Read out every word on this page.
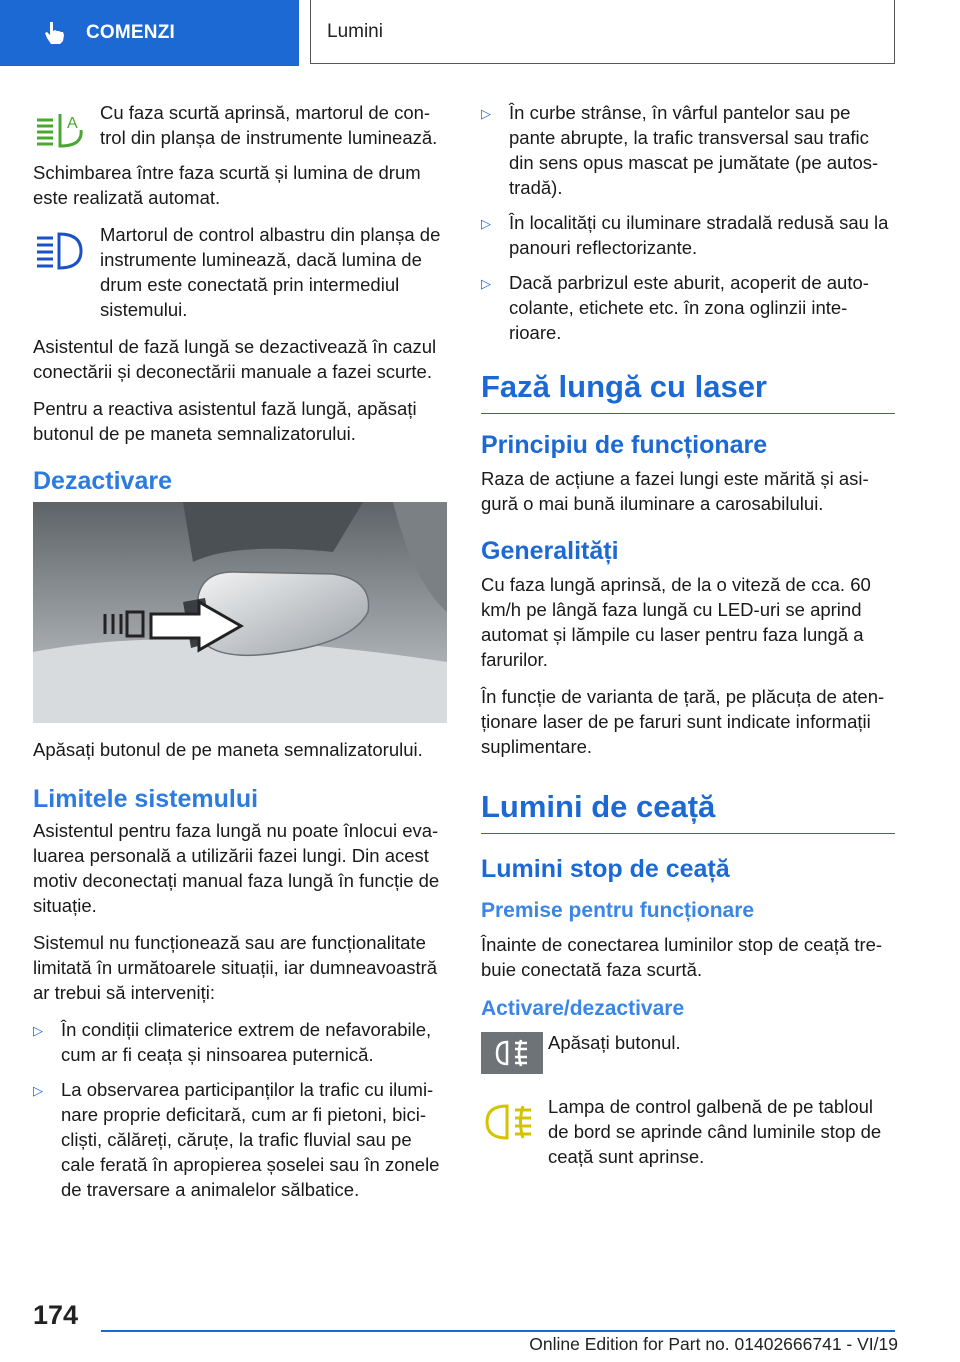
COMENZI	Lumini
A

Cu faza scurtă aprinsă, martorul de con‐trol din planșa de instrumente luminează.

Schimbarea între faza scurtă și lumina de drum este realizată automat.

Martorul de control albastru din planșa de instrumente luminează, dacă lumina de drum este conectată prin intermediul sistemului.

Asistentul de fază lungă se dezactivează în cazul conectării și deconectării manuale a fazei scurte.

Pentru a reactiva asistentul fază lungă, apăsați butonul de pe maneta semnalizatorului.

Dezactivare

Apăsați butonul de pe maneta semnalizatorului.

Limitele sistemului

Asistentul pentru faza lungă nu poate înlocui eva‐luarea personală a utilizării fazei lungi. Din acest motiv deconectați manual faza lungă în funcție de situație.

Sistemul nu funcționează sau are funcționalitate limitată în următoarele situații, iar dumneavoastră ar trebui să interveniți:

▷ În condiții climaterice extrem de nefavorabile, cum ar fi ceața și ninsoarea puternică.
▷ La observarea participanților la trafic cu ilumi‐nare proprie deficitară, cum ar fi pietoni, bici‐cliști, călăreți, căruțe, la trafic fluvial sau pe cale ferată în apropierea șoselei sau în zonele de traversare a animalelor sălbatice.
▷ În curbe strânse, în vârful pantelor sau pe pante abrupte, la trafic transversal sau trafic din sens opus mascat pe jumătate (pe autos‐tradă).
▷ În localități cu iluminare stradală redusă sau la panouri reflectorizante.
▷ Dacă parbrizul este aburit, acoperit de auto‐colante, etichete etc. în zona oglinzii inte‐rioare.
Fază lungă cu laser
Principiu de funcționare

Raza de acțiune a fazei lungi este mărită și asi‐gură o mai bună iluminare a carosabilului.

Generalități

Cu faza lungă aprinsă, de la o viteză de cca. 60 km/h pe lângă faza lungă cu LED-uri se aprind automat și lămpile cu laser pentru faza lungă a farurilor.

În funcție de varianta de țară, pe plăcuța de aten‐ționare laser de pe faruri sunt indicate informații suplimentare.

Lumini de ceață
Lumini stop de ceață
Premise pentru funcționare

Înainte de conectarea luminilor stop de ceață tre‐buie conectată faza scurtă.

Activare/dezactivare

Apăsați butonul.

Lampa de control galbenă de pe tabloul de bord se aprinde când luminile stop de ceață sunt aprinse.

174
Online Edition for Part no. 01402666741 - VI/19
